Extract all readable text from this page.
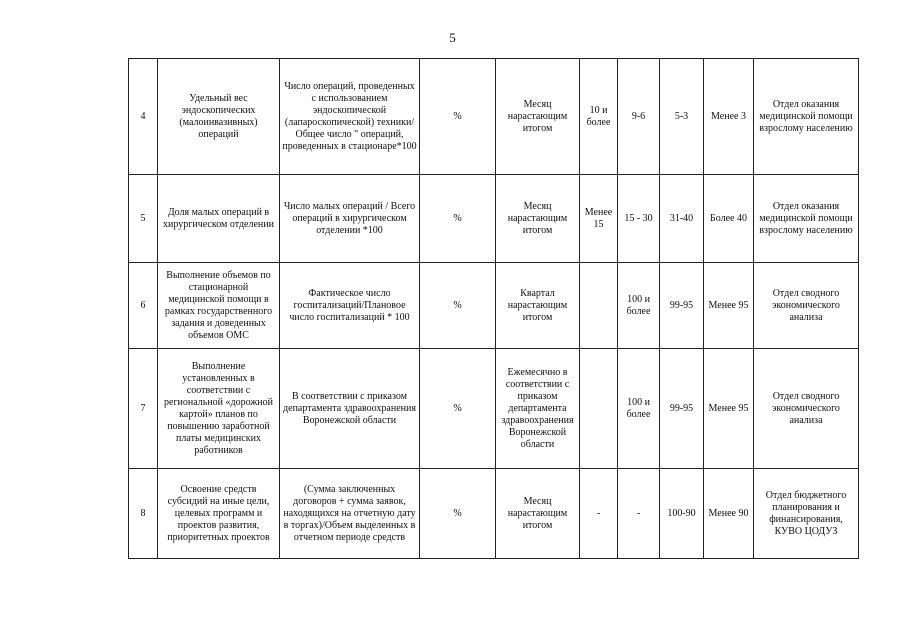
5
4	Удельный вес эндоскопических (малоинвазивных) операций	Число операций, проведенных с использованием эндоскопической (лапароскопической) техники/Общее число " операций, проведенных в стационаре*100	%	Месяц нарастающим итогом	10 и более	9-6	5-3	Менее 3	Отдел оказания медицинской помощи взрослому населению
5	Доля малых операций в хирургическом отделении	Число малых операций / Всего операций в хирургическом отделении *100	%	Месяц нарастающим итогом	Менее 15	15 - 30	31-40	Более 40	Отдел оказания медицинской помощи взрослому населению
6	Выполнение объемов по стационарной медицинской помощи в рамках государственного задания и доведенных объемов ОМС	Фактическое число госпитализаций/Плановое число госпитализаций * 100	%	Квартал нарастающим итогом		100 и более	99-95	Менее 95	Отдел сводного экономического анализа
7	Выполнение установленных в соответствии с региональной «дорожной картой» планов по повышению заработной платы медицинских работников	В соответствии с приказом департамента здравоохранения Воронежской области	%	Ежемесячно в соответствии с приказом департамента здравоохранения Воронежской области		100 и более	99-95	Менее 95	Отдел сводного экономического анализа
8	Освоение средств субсидий на иные цели, целевых программ и проектов развития, приоритетных проектов	(Сумма заключенных договоров + сумма заявок, находящихся на отчетную дату в торгах)/Объем выделенных в отчетном периоде средств	%	Месяц нарастающим итогом	-	-	100-90	Менее 90	Отдел бюджетного планирования и финансирования, КУВО ЦОДУЗ
